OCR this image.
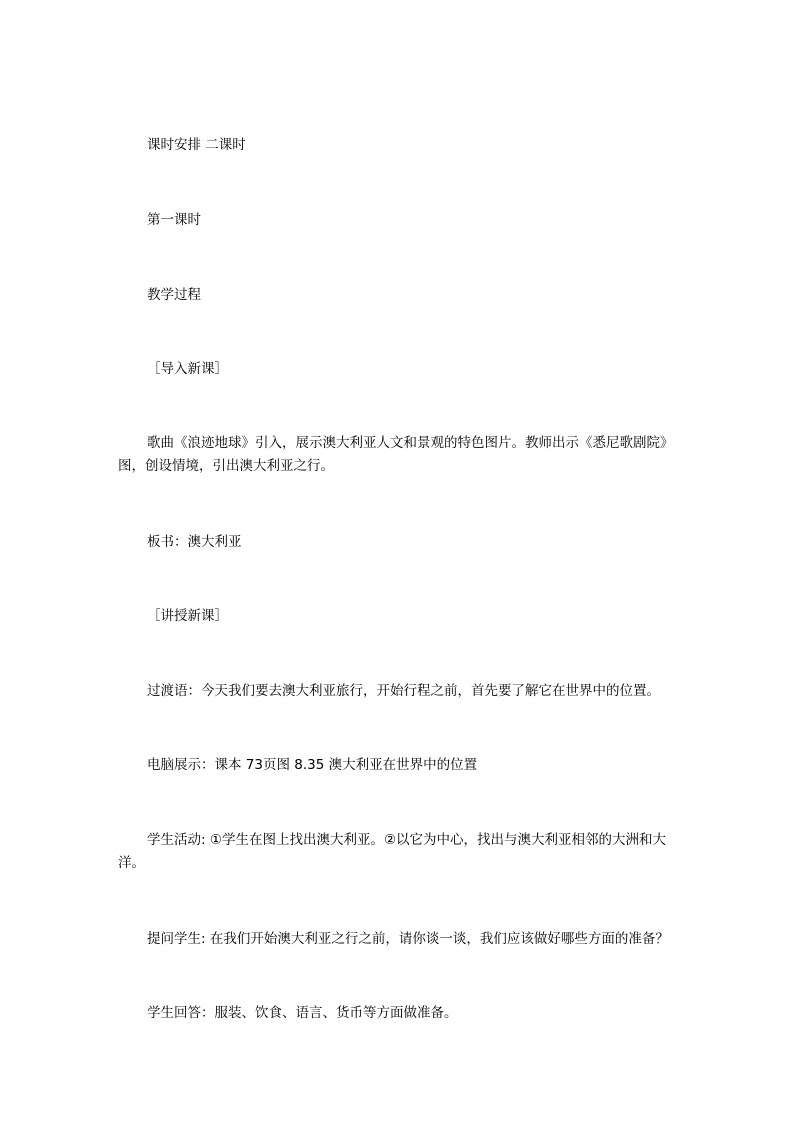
课时安排 二课时

第一课时

教学过程

［导入新课］

歌曲《浪迹地球》引入，展示澳大利亚人文和景观的特色图片。教师出示《悉尼歌剧院》图，创设情境，引出澳大利亚之行。

板书：澳大利亚

［讲授新课］

过渡语：今天我们要去澳大利亚旅行，开始行程之前，首先要了解它在世界中的位置。

电脑展示：课本 73页图 8.35 澳大利亚在世界中的位置

学生活动: ①学生在图上找出澳大利亚。②以它为中心，找出与澳大利亚相邻的大洲和大洋。

提问学生: 在我们开始澳大利亚之行之前，请你谈一谈，我们应该做好哪些方面的准备？

学生回答：服装、饮食、语言、货币等方面做准备。
